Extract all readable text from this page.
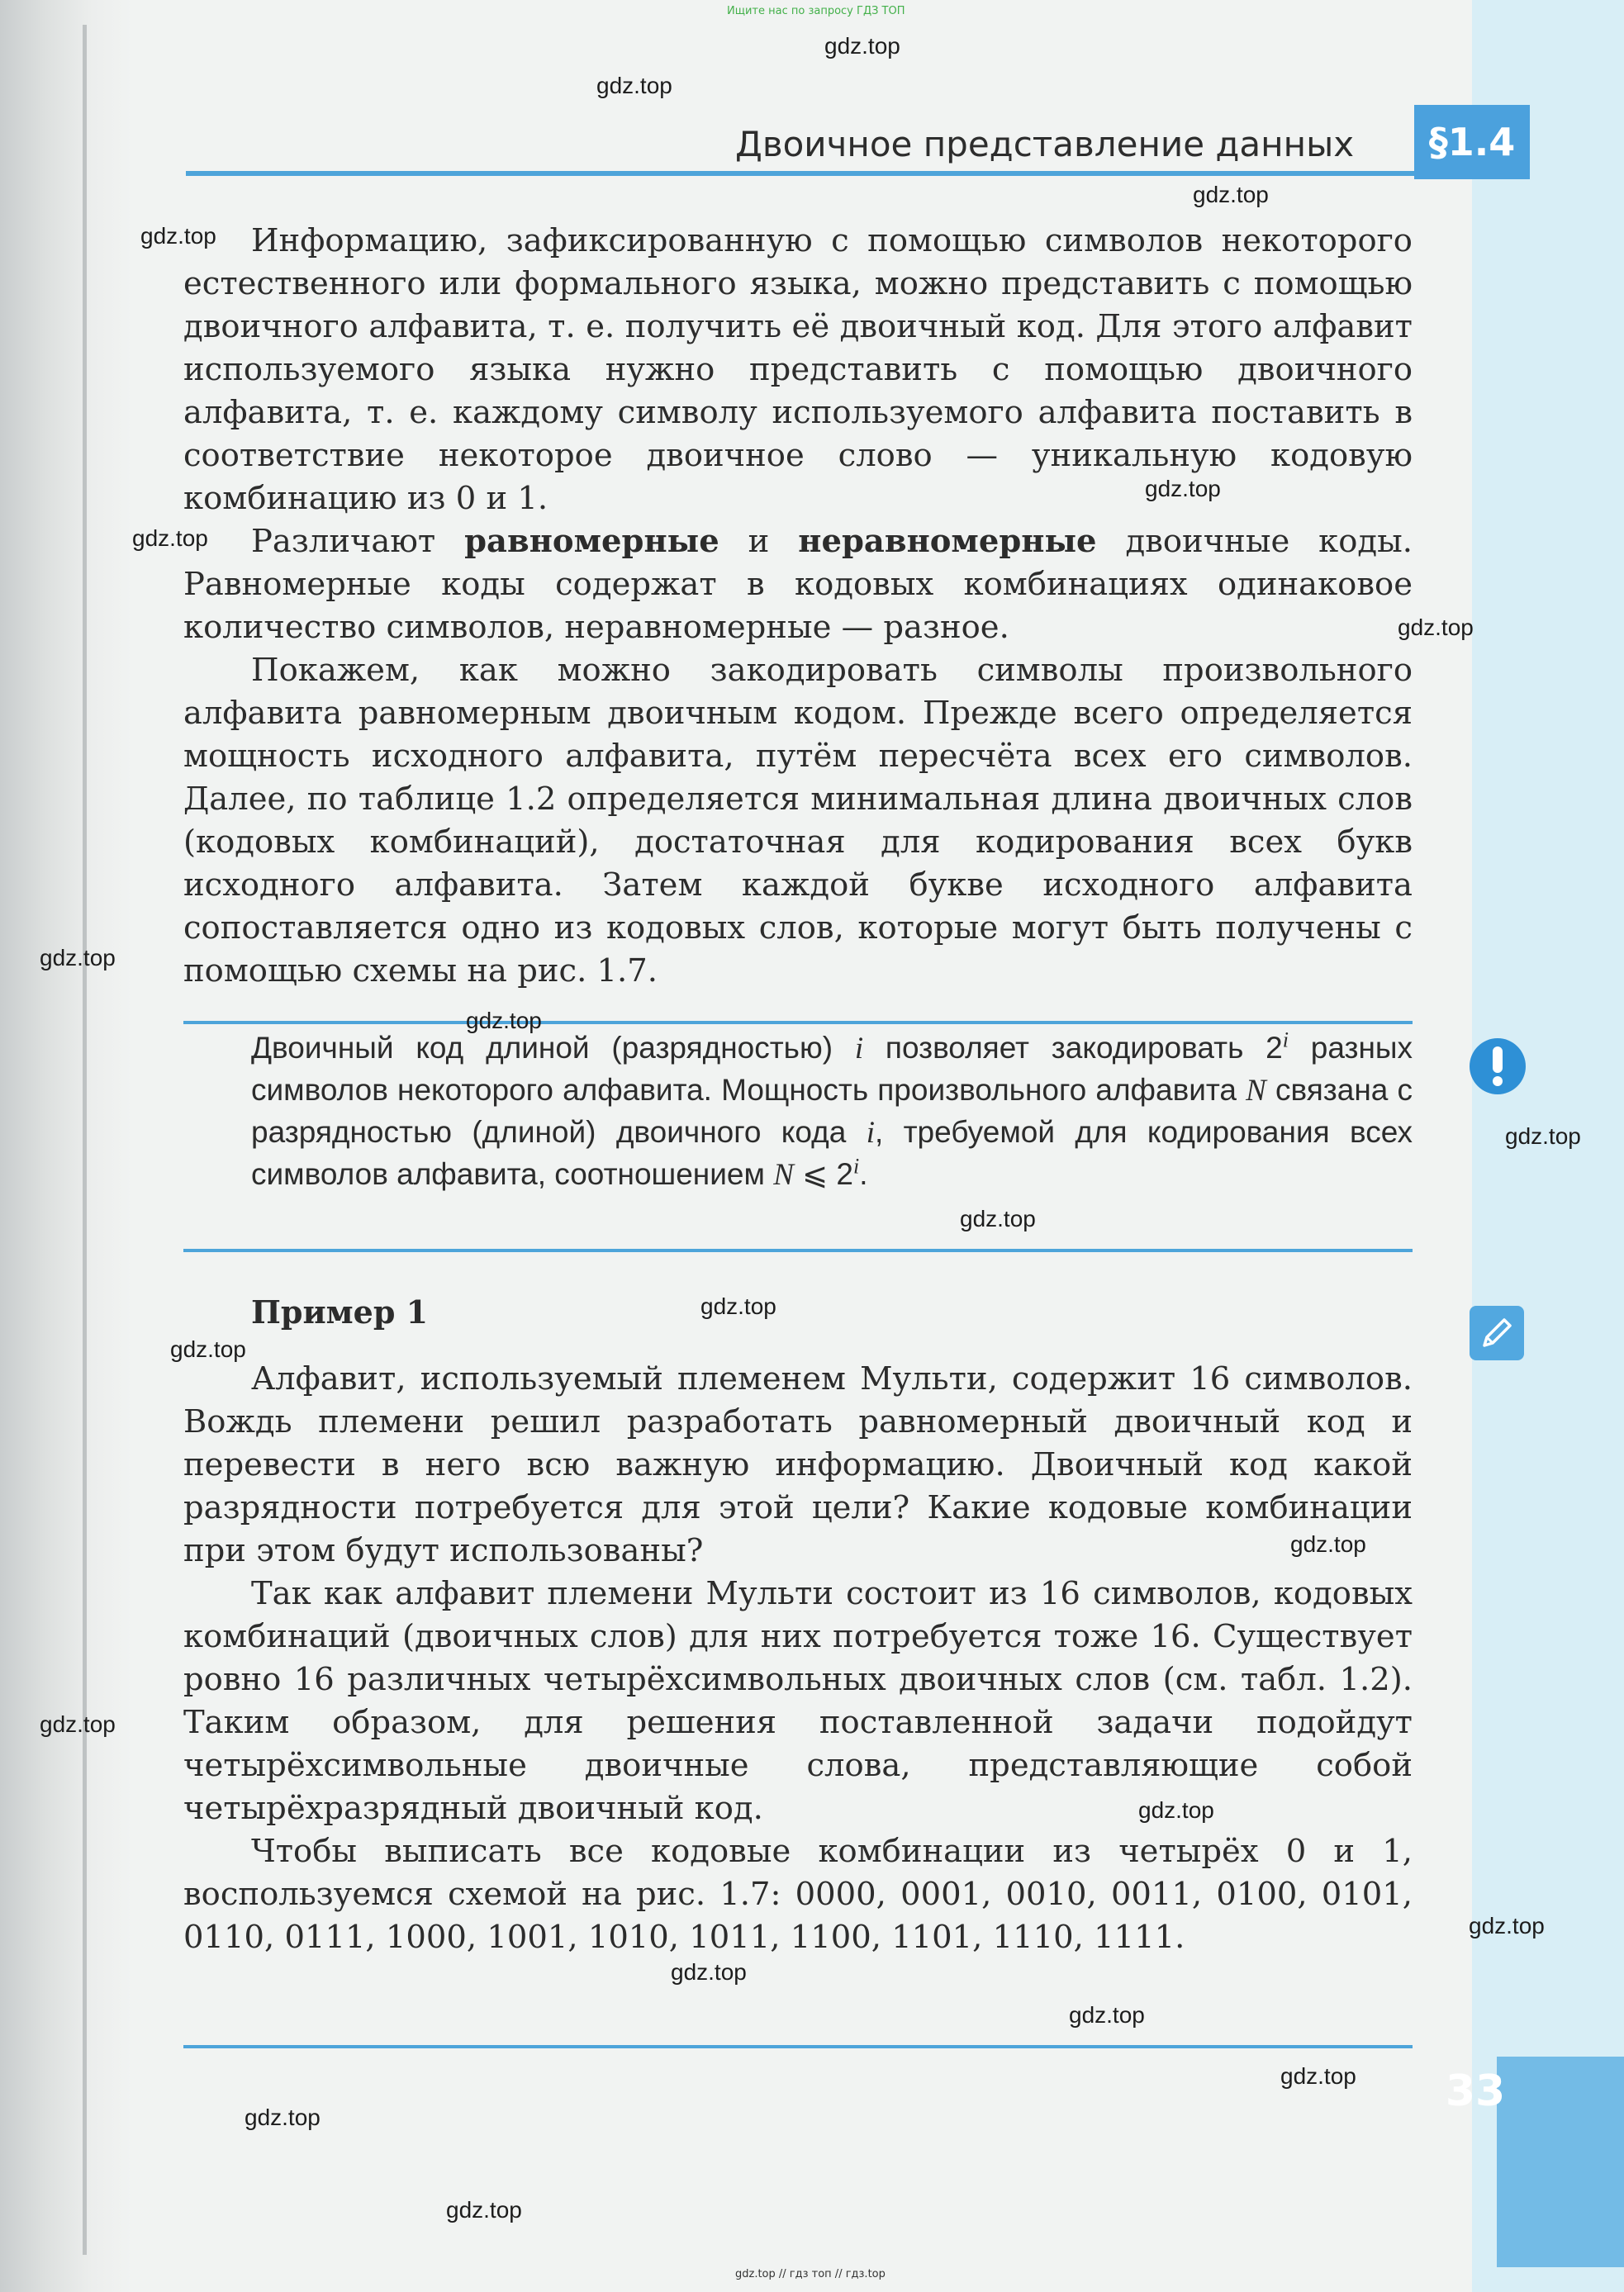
Ищите нас по запросу ГДЗ ТОП
Двоичное представление данных	§1.4

Информацию, зафиксированную с помощью символов некоторого естественного или формального языка, можно представить с помощью двоичного алфавита, т. е. получить её двоичный код. Для этого алфавит используемого языка нужно представить с помощью двоичного алфавита, т. е. каждому символу используемого алфавита поставить в соответствие некоторое двоичное слово — уникальную кодовую комбинацию из 0 и 1.

Различают равномерные и неравномерные двоичные коды. Равномерные коды содержат в кодовых комбинациях одинаковое количество символов, неравномерные — разное.

Покажем, как можно закодировать символы произвольного алфавита равномерным двоичным кодом. Прежде всего определяется мощность исходного алфавита, путём пересчёта всех его символов. Далее, по таблице 1.2 определяется минимальная длина двоичных слов (кодовых комбинаций), достаточная для кодирования всех букв исходного алфавита. Затем каждой букве исходного алфавита сопоставляется одно из кодовых слов, которые могут быть получены с помощью схемы на рис. 1.7.

Двоичный код длиной (разрядностью) i позволяет закодировать 2$^i$ разных символов некоторого алфавита. Мощность произвольного алфавита N связана с разрядностью (длиной) двоичного кода i, требуемой для кодирования всех символов алфавита, соотношением N ⩽ 2$^i$.

Пример 1

Алфавит, используемый племенем Мульти, содержит 16 символов. Вождь племени решил разработать равномерный двоичный код и перевести в него всю важную информацию. Двоичный код какой разрядности потребуется для этой цели? Какие кодовые комбинации при этом будут использованы?

Так как алфавит племени Мульти состоит из 16 символов, кодовых комбинаций (двоичных слов) для них потребуется тоже 16. Существует ровно 16 различных четырёхсимвольных двоичных слов (см. табл. 1.2). Таким образом, для решения поставленной задачи подойдут четырёхсимвольные двоичные слова, представляющие собой четырёхразрядный двоичный код.

Чтобы выписать все кодовые комбинации из четырёх 0 и 1, воспользуемся схемой на рис. 1.7: 0000, 0001, 0010, 0011, 0100, 0101, 0110, 0111, 1000, 1001, 1010, 1011, 1100, 1101, 1110, 1111.

33
gdz.top // гдз топ // гдз.top
gdz.top
gdz.top
gdz.top
gdz.top
gdz.top
gdz.top
gdz.top
gdz.top
gdz.top
gdz.top
gdz.top
gdz.top
gdz.top
gdz.top
gdz.top
gdz.top
gdz.top
gdz.top
gdz.top
gdz.top
gdz.top
gdz.top
